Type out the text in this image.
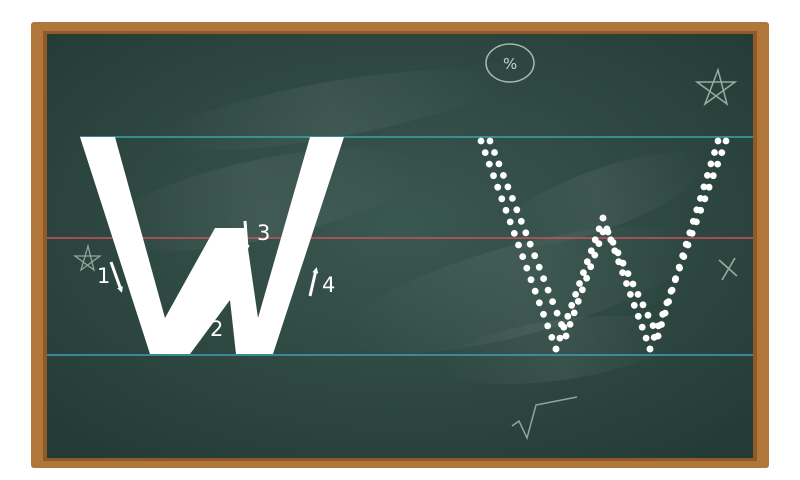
1
2
3
4
%
